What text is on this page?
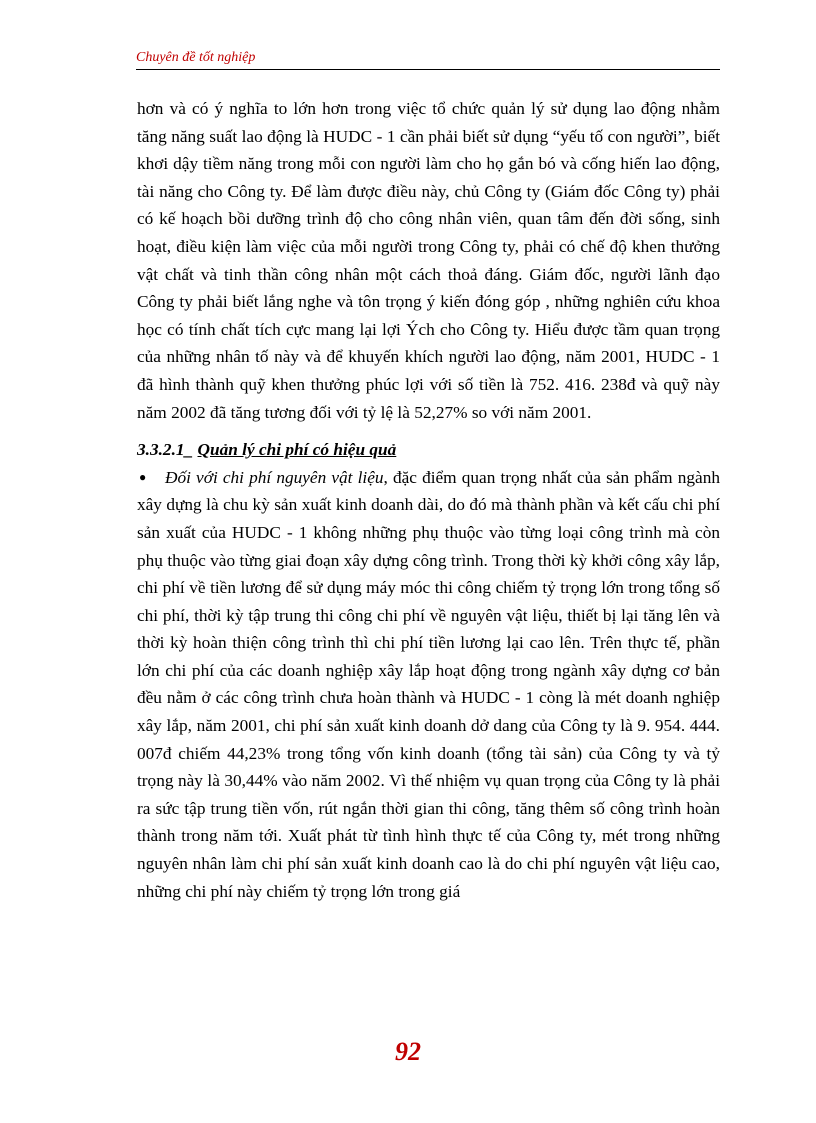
Chuyên đề tốt nghiệp

hơn và có ý nghĩa to lớn hơn trong việc tổ chức quản lý sử dụng lao động nhằm tăng năng suất lao động là HUDC - 1 cần phải biết sử dụng “yếu tố con người”, biết khơi dậy tiềm năng trong mỗi con người làm cho họ gắn bó và cống hiến lao động, tài năng cho Công ty. Để làm được điều này, chủ Công ty (Giám đốc Công ty) phải có kế hoạch bồi dưỡng trình độ cho công nhân viên, quan tâm đến đời sống, sinh hoạt, điều kiện làm việc của mỗi người trong Công ty, phải có chế độ khen thưởng vật chất và tinh thần công nhân một cách thoả đáng. Giám đốc, người lãnh đạo Công ty phải biết lắng nghe và tôn trọng ý kiến đóng góp , những nghiên cứu khoa học có tính chất tích cực mang lại lợi Ých cho Công ty. Hiểu được tầm quan trọng của những nhân tố này và để khuyến khích người lao động, năm 2001, HUDC - 1 đã hình thành quỹ khen thưởng phúc lợi với số tiền là 752. 416. 238đ và quỹ này năm 2002 đã tăng tương đối với tỷ lệ là 52,27% so với năm 2001.

3.3.2.1_ Quản lý chi phí có hiệu quả

● Đối với chi phí nguyên vật liệu, đặc điểm quan trọng nhất của sản phẩm ngành xây dựng là chu kỳ sản xuất kinh doanh dài, do đó mà thành phần và kết cấu chi phí sản xuất của HUDC - 1 không những phụ thuộc vào từng loại công trình mà còn phụ thuộc vào từng giai đoạn xây dựng công trình. Trong thời kỳ khởi công xây lắp, chi phí về tiền lương để sử dụng máy móc thi công chiếm tỷ trọng lớn trong tổng số chi phí, thời kỳ tập trung thi công chi phí về nguyên vật liệu, thiết bị lại tăng lên và thời kỳ hoàn thiện công trình thì chi phí tiền lương lại cao lên. Trên thực tế, phần lớn chi phí của các doanh nghiệp xây lắp hoạt động trong ngành xây dựng cơ bản đều nằm ở các công trình chưa hoàn thành và HUDC - 1 còng là mét doanh nghiệp xây lắp, năm 2001, chi phí sản xuất kinh doanh dở dang của Công ty là 9. 954. 444. 007đ chiếm 44,23% trong tổng vốn kinh doanh (tổng tài sản) của Công ty và tỷ trọng này là 30,44% vào năm 2002. Vì thế nhiệm vụ quan trọng của Công ty là phải ra sức tập trung tiền vốn, rút ngắn thời gian thi công, tăng thêm số công trình hoàn thành trong năm tới. Xuất phát từ tình hình thực tế của Công ty, mét trong những nguyên nhân làm chi phí sản xuất kinh doanh cao là do chi phí nguyên vật liệu cao, những chi phí này chiếm tỷ trọng lớn trong giá

92
